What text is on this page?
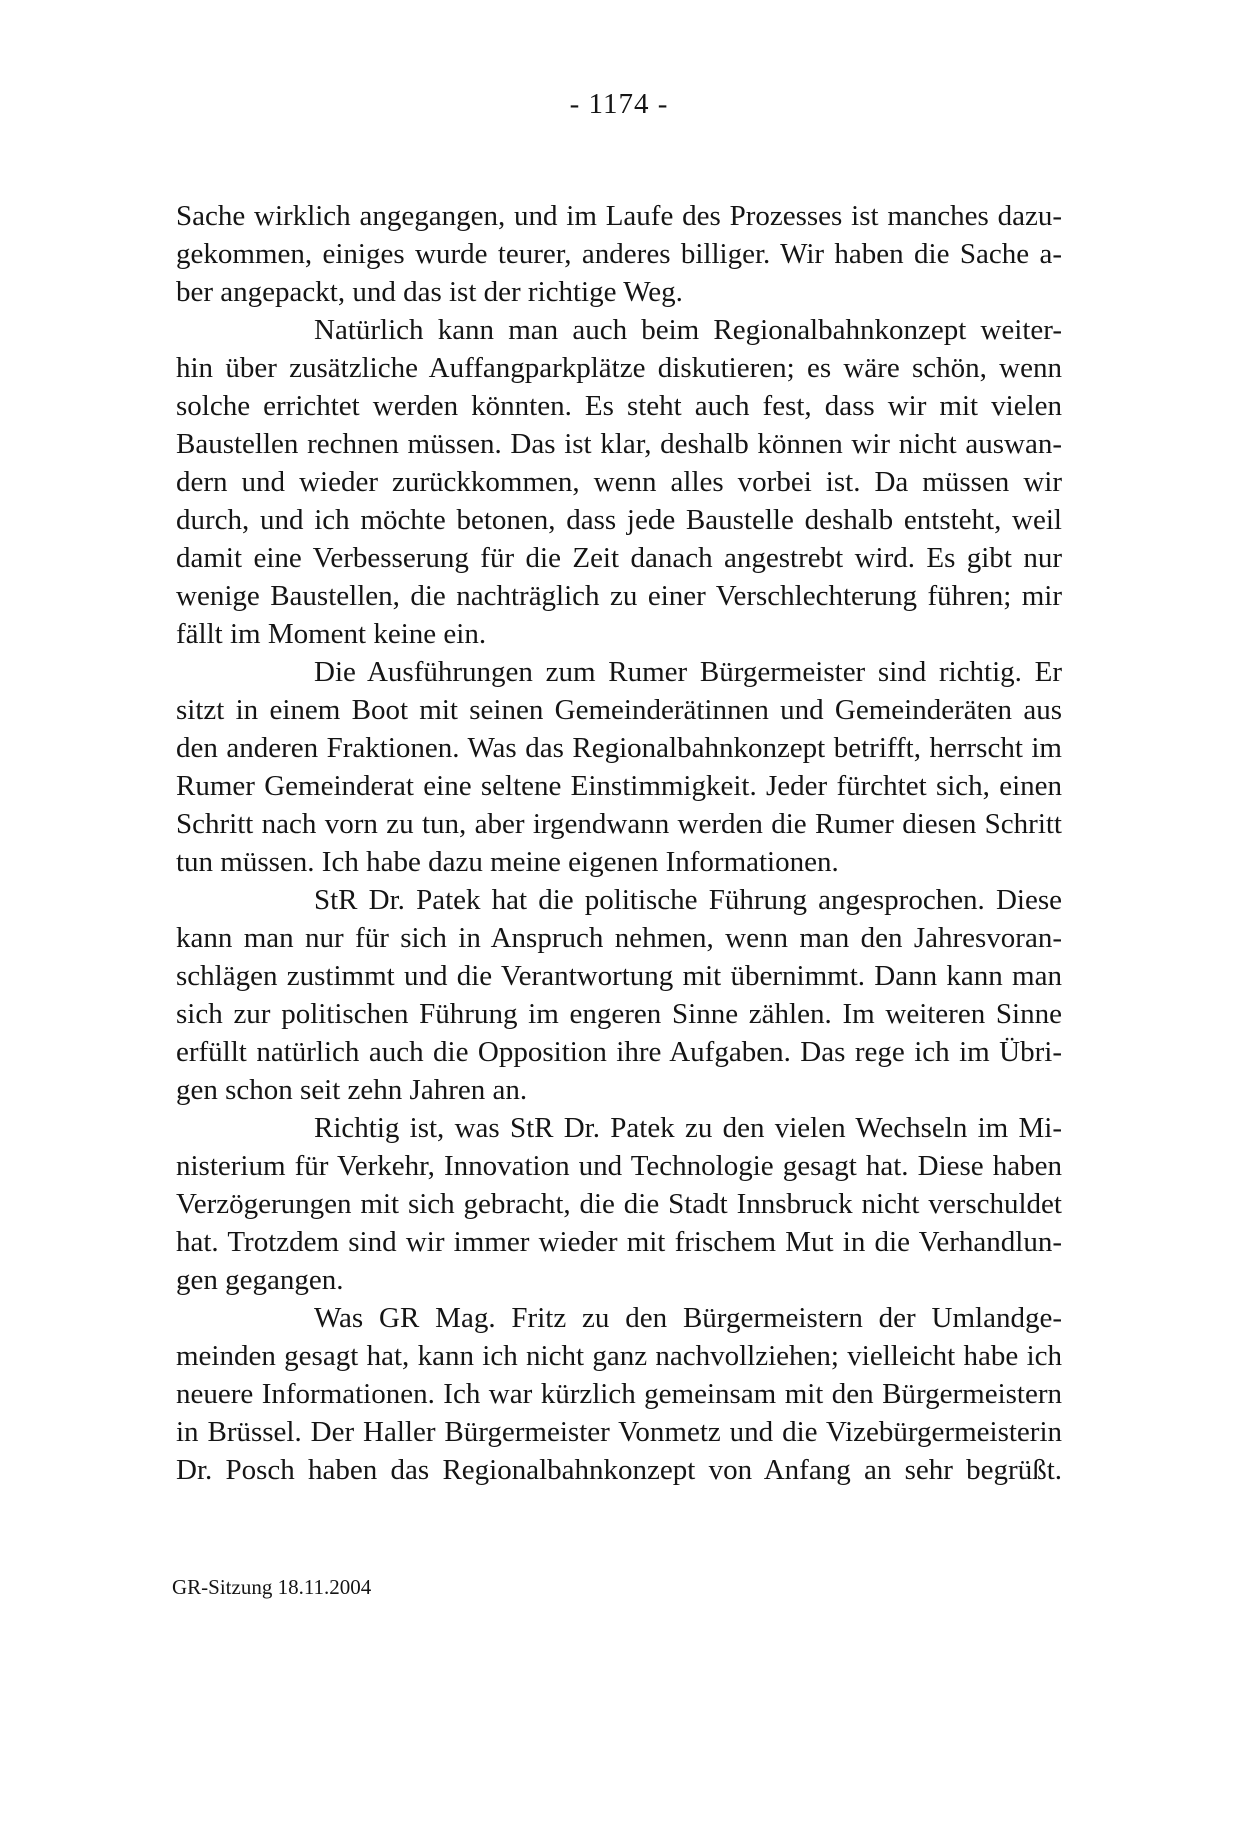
- 1174 -
Sache wirklich angegangen, und im Laufe des Prozesses ist manches dazu-
gekommen, einiges wurde teurer, anderes billiger. Wir haben die Sache a-
ber angepackt, und das ist der richtige Weg.
Natürlich kann man auch beim Regionalbahnkonzept weiter-
hin über zusätzliche Auffangparkplätze diskutieren; es wäre schön, wenn
solche errichtet werden könnten. Es steht auch fest, dass wir mit vielen
Baustellen rechnen müssen. Das ist klar, deshalb können wir nicht auswan-
dern und wieder zurückkommen, wenn alles vorbei ist. Da müssen wir
durch, und ich möchte betonen, dass jede Baustelle deshalb entsteht, weil
damit eine Verbesserung für die Zeit danach angestrebt wird. Es gibt nur
wenige Baustellen, die nachträglich zu einer Verschlechterung führen; mir
fällt im Moment keine ein.
Die Ausführungen zum Rumer Bürgermeister sind richtig. Er
sitzt in einem Boot mit seinen Gemeinderätinnen und Gemeinderäten aus
den anderen Fraktionen. Was das Regionalbahnkonzept betrifft, herrscht im
Rumer Gemeinderat eine seltene Einstimmigkeit. Jeder fürchtet sich, einen
Schritt nach vorn zu tun, aber irgendwann werden die Rumer diesen Schritt
tun müssen. Ich habe dazu meine eigenen Informationen.
StR Dr. Patek hat die politische Führung angesprochen. Diese
kann man nur für sich in Anspruch nehmen, wenn man den Jahresvoran-
schlägen zustimmt und die Verantwortung mit übernimmt. Dann kann man
sich zur politischen Führung im engeren Sinne zählen. Im weiteren Sinne
erfüllt natürlich auch die Opposition ihre Aufgaben. Das rege ich im Übri-
gen schon seit zehn Jahren an.
Richtig ist, was StR Dr. Patek zu den vielen Wechseln im Mi-
nisterium für Verkehr, Innovation und Technologie gesagt hat. Diese haben
Verzögerungen mit sich gebracht, die die Stadt Innsbruck nicht verschuldet
hat. Trotzdem sind wir immer wieder mit frischem Mut in die Verhandlun-
gen gegangen.
Was GR Mag. Fritz zu den Bürgermeistern der Umlandge-
meinden gesagt hat, kann ich nicht ganz nachvollziehen; vielleicht habe ich
neuere Informationen. Ich war kürzlich gemeinsam mit den Bürgermeistern
in Brüssel. Der Haller Bürgermeister Vonmetz und die Vizebürgermeisterin
Dr. Posch haben das Regionalbahnkonzept von Anfang an sehr begrüßt.
GR-Sitzung 18.11.2004
